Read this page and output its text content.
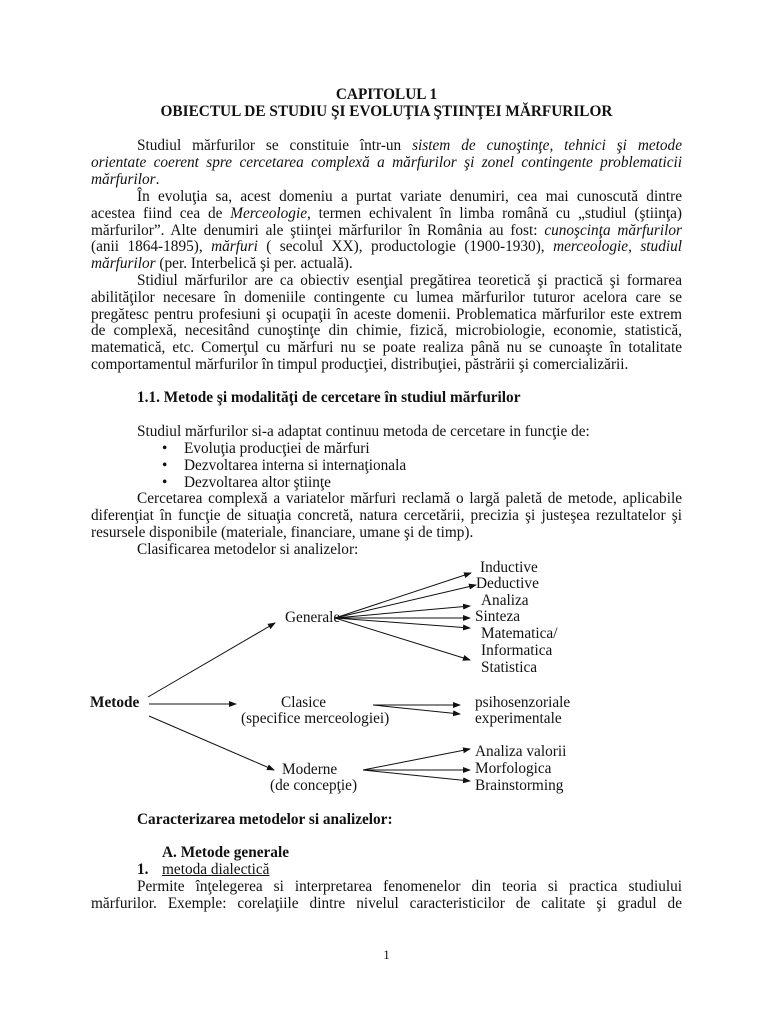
CAPITOLUL 1
OBIECTUL DE STUDIU ŞI EVOLUŢIA ŞTIINŢEI MĂRFURILOR
Studiul mărfurilor se constituie într-un sistem de cunoştinţe, tehnici şi metode
orientate coerent spre cercetarea complexă a mărfurilor şi zonel contingente problematicii
mărfurilor.
În evoluţia sa, acest domeniu a purtat variate denumiri, cea mai cunoscută dintre
acestea fiind cea de Merceologie, termen echivalent în limba română cu „studiul (ştiinţa)
mărfurilor”. Alte denumiri ale ştiinţei mărfurilor în România au fost: cunoşcinţa mărfurilor
(anii 1864-1895), mărfuri ( secolul XX), productologie (1900-1930), merceologie, studiul
mărfurilor (per. Interbelică şi per. actuală).
Stidiul mărfurilor are ca obiectiv esenţial pregătirea teoretică şi practică şi formarea
abilităţilor necesare în domeniile contingente cu lumea mărfurilor tuturor acelora care se
pregătesc pentru profesiuni şi ocupaţii în aceste domenii. Problematica mărfurilor este extrem
de complexă, necesitând cunoştinţe din chimie, fizică, microbiologie, economie, statistică,
matematică, etc. Comerţul cu mărfuri nu se poate realiza până nu se cunoaşte în totalitate
comportamentul mărfurilor în timpul producţiei, distribuţiei, păstrării şi comercializării.
1.1. Metode şi modalităţi de cercetare în studiul mărfurilor
Studiul mărfurilor si-a adaptat continuu metoda de cercetare in funcţie de:
• Evoluţia producţiei de mărfuri
• Dezvoltarea interna si internaţionala
• Dezvoltarea altor ştiinţe
Cercetarea complexă a variatelor mărfuri reclamă o largă paletă de metode, aplicabile
diferenţiat în funcţie de situaţia concretă, natura cercetării, precizia şi justeşea rezultatelor şi
resursele disponibile (materiale, financiare, umane şi de timp).
Clasificarea metodelor si analizelor:
Metode
Generale
Clasice
(specifice merceologiei)
Moderne
(de concepţie)
Inductive
Deductive
Analiza
Sinteza
Matematica/
Informatica
Statistica
psihosenzoriale
experimentale
Analiza valorii
Morfologica
Brainstorming
Caracterizarea metodelor si analizelor:
A. Metode generale
1. metoda dialectică
Permite înţelegerea si interpretarea fenomenelor din teoria si practica studiului
mărfurilor. Exemple: corelaţiile dintre nivelul caracteristicilor de calitate şi gradul de
1
